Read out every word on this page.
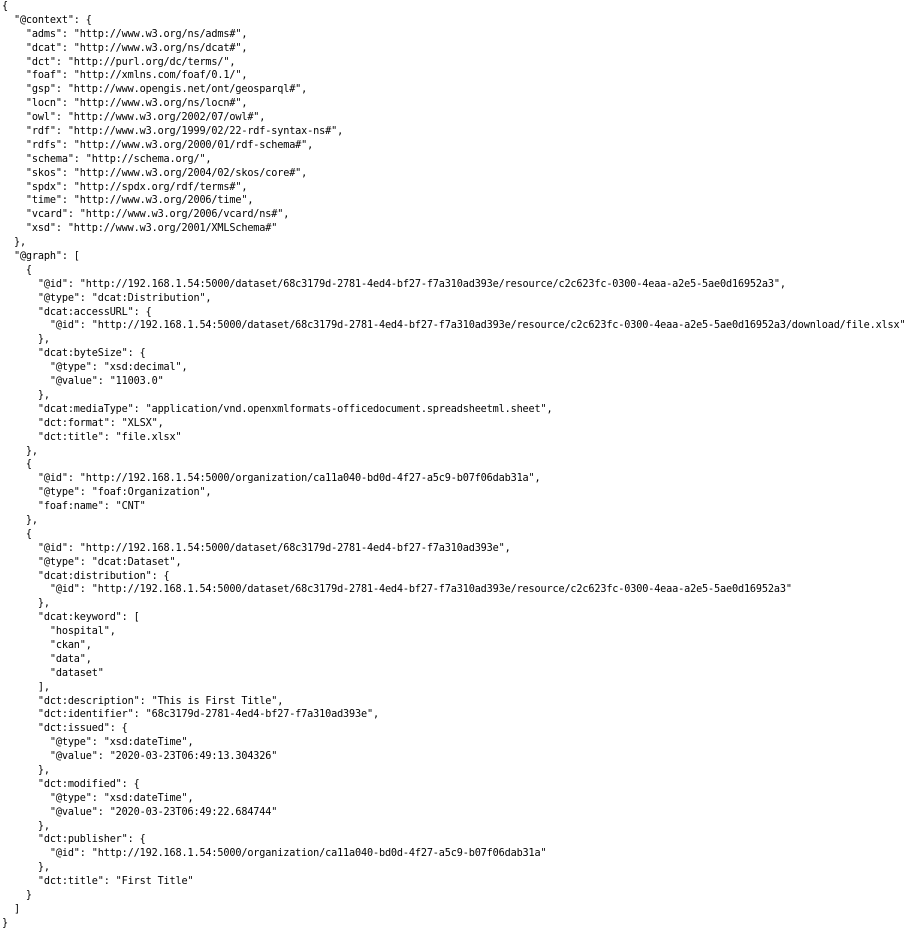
{
"@context": {
"adms": "http://www.w3.org/ns/adms#",
"dcat": "http://www.w3.org/ns/dcat#",
"dct": "http://purl.org/dc/terms/",
"foaf": "http://xmlns.com/foaf/0.1/",
"gsp": "http://www.opengis.net/ont/geosparql#",
"locn": "http://www.w3.org/ns/locn#",
"owl": "http://www.w3.org/2002/07/owl#",
"rdf": "http://www.w3.org/1999/02/22-rdf-syntax-ns#",
"rdfs": "http://www.w3.org/2000/01/rdf-schema#",
"schema": "http://schema.org/",
"skos": "http://www.w3.org/2004/02/skos/core#",
"spdx": "http://spdx.org/rdf/terms#",
"time": "http://www.w3.org/2006/time",
"vcard": "http://www.w3.org/2006/vcard/ns#",
"xsd": "http://www.w3.org/2001/XMLSchema#"
},
"@graph": [
{
"@id": "http://192.168.1.54:5000/dataset/68c3179d-2781-4ed4-bf27-f7a310ad393e/resource/c2c623fc-0300-4eaa-a2e5-5ae0d16952a3",
"@type": "dcat:Distribution",
"dcat:accessURL": {
"@id": "http://192.168.1.54:5000/dataset/68c3179d-2781-4ed4-bf27-f7a310ad393e/resource/c2c623fc-0300-4eaa-a2e5-5ae0d16952a3/download/file.xlsx"
},
"dcat:byteSize": {
"@type": "xsd:decimal",
"@value": "11003.0"
},
"dcat:mediaType": "application/vnd.openxmlformats-officedocument.spreadsheetml.sheet",
"dct:format": "XLSX",
"dct:title": "file.xlsx"
},
{
"@id": "http://192.168.1.54:5000/organization/ca11a040-bd0d-4f27-a5c9-b07f06dab31a",
"@type": "foaf:Organization",
"foaf:name": "CNT"
},
{
"@id": "http://192.168.1.54:5000/dataset/68c3179d-2781-4ed4-bf27-f7a310ad393e",
"@type": "dcat:Dataset",
"dcat:distribution": {
"@id": "http://192.168.1.54:5000/dataset/68c3179d-2781-4ed4-bf27-f7a310ad393e/resource/c2c623fc-0300-4eaa-a2e5-5ae0d16952a3"
},
"dcat:keyword": [
"hospital",
"ckan",
"data",
"dataset"
],
"dct:description": "This is First Title",
"dct:identifier": "68c3179d-2781-4ed4-bf27-f7a310ad393e",
"dct:issued": {
"@type": "xsd:dateTime",
"@value": "2020-03-23T06:49:13.304326"
},
"dct:modified": {
"@type": "xsd:dateTime",
"@value": "2020-03-23T06:49:22.684744"
},
"dct:publisher": {
"@id": "http://192.168.1.54:5000/organization/ca11a040-bd0d-4f27-a5c9-b07f06dab31a"
},
"dct:title": "First Title"
}
]
}
